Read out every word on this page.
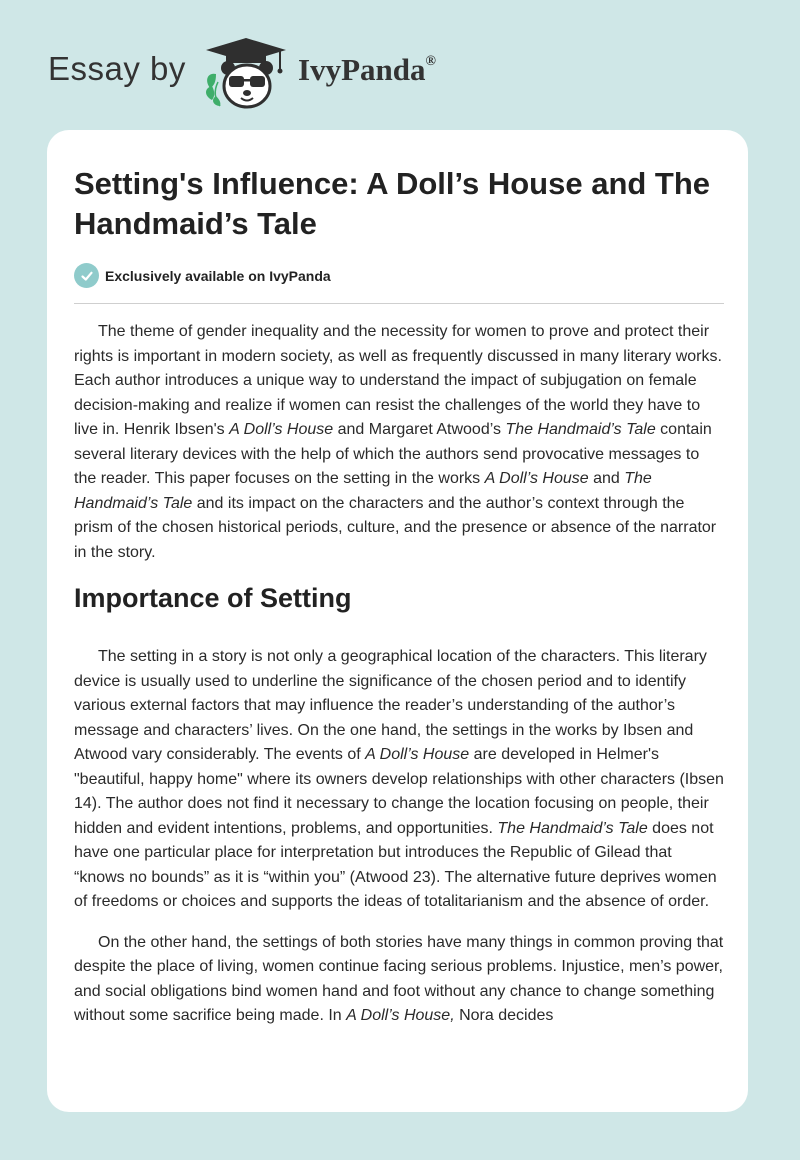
Essay by	IvyPanda®
Setting's Influence: A Doll’s House and The Handmaid’s Tale
Exclusively available on IvyPanda

The theme of gender inequality and the necessity for women to prove and protect their rights is important in modern society, as well as frequently discussed in many literary works. Each author introduces a unique way to understand the impact of subjugation on female decision-making and realize if women can resist the challenges of the world they have to live in. Henrik Ibsen's A Doll’s House and Margaret Atwood’s The Handmaid’s Tale contain several literary devices with the help of which the authors send provocative messages to the reader. This paper focuses on the setting in the works A Doll’s House and The Handmaid’s Tale and its impact on the characters and the author’s context through the prism of the chosen historical periods, culture, and the presence or absence of the narrator in the story.

Importance of Setting

The setting in a story is not only a geographical location of the characters. This literary device is usually used to underline the significance of the chosen period and to identify various external factors that may influence the reader’s understanding of the author’s message and characters’ lives. On the one hand, the settings in the works by Ibsen and Atwood vary considerably. The events of A Doll’s House are developed in Helmer's "beautiful, happy home" where its owners develop relationships with other characters (Ibsen 14). The author does not find it necessary to change the location focusing on people, their hidden and evident intentions, problems, and opportunities. The Handmaid’s Tale does not have one particular place for interpretation but introduces the Republic of Gilead that “knows no bounds” as it is “within you” (Atwood 23). The alternative future deprives women of freedoms or choices and supports the ideas of totalitarianism and the absence of order.

On the other hand, the settings of both stories have many things in common proving that despite the place of living, women continue facing serious problems. Injustice, men’s power, and social obligations bind women hand and foot without any chance to change something without some sacrifice being made. In A Doll’s House, Nora decides
